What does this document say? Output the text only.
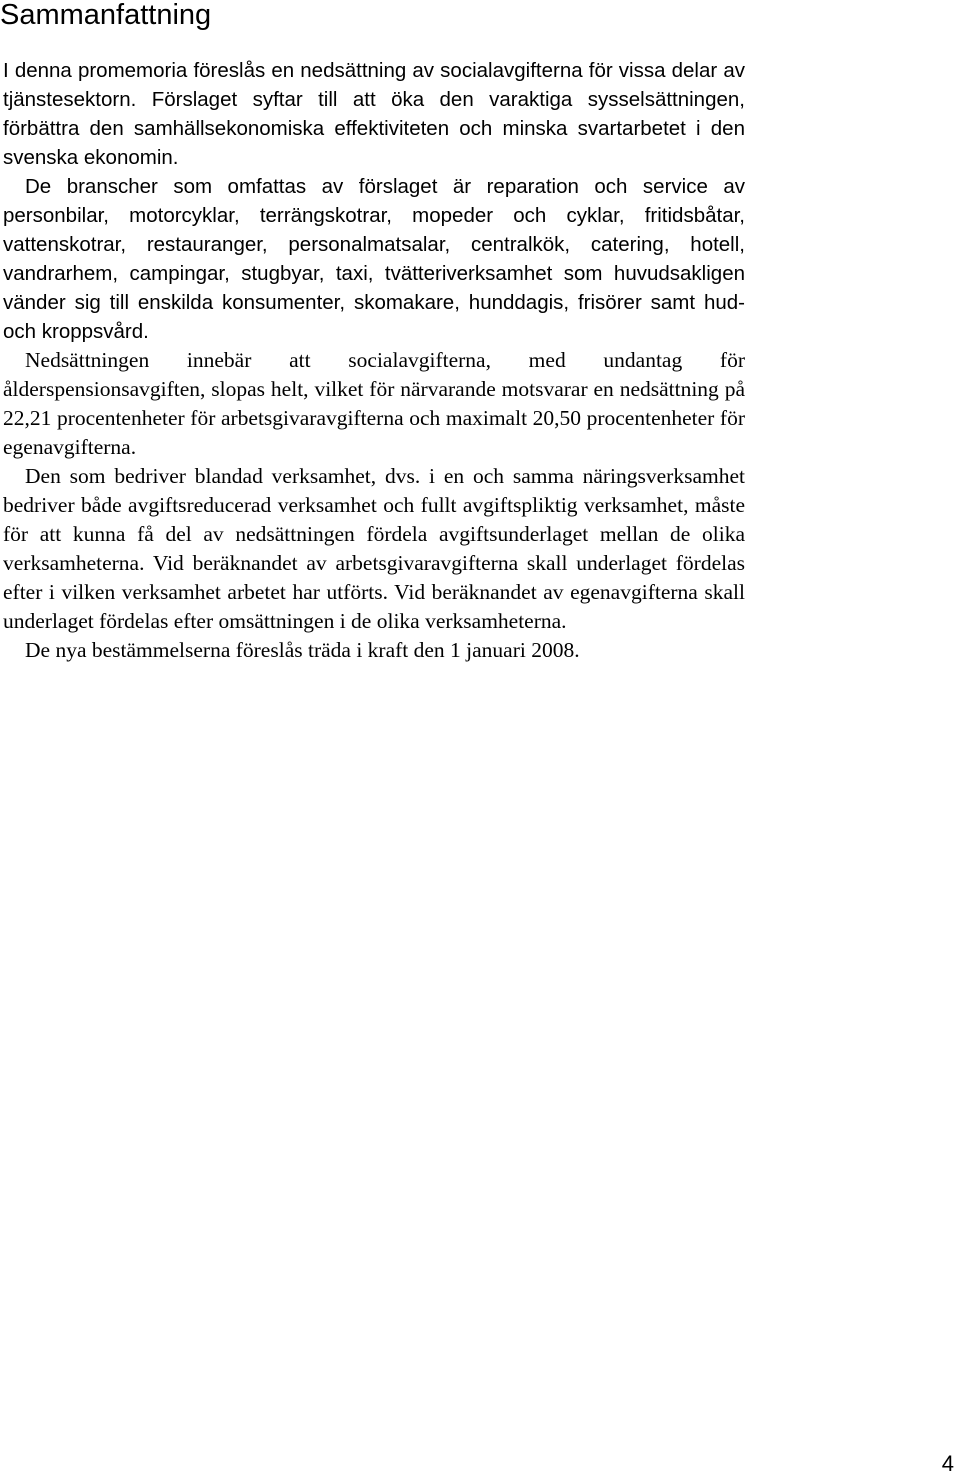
Sammanfattning

I denna promemoria föreslås en nedsättning av socialavgifterna för vissa delar av tjänstesektorn. Förslaget syftar till att öka den varaktiga sysselsättningen, förbättra den samhällsekonomiska effektiviteten och minska svartarbetet i den svenska ekonomin.

De branscher som omfattas av förslaget är reparation och service av personbilar, motorcyklar, terrängskotrar, mopeder och cyklar, fritidsbåtar, vattenskotrar, restauranger, personalmatsalar, centralkök, catering, hotell, vandrarhem, campingar, stugbyar, taxi, tvätteriverksamhet som huvudsakligen vänder sig till enskilda konsumenter, skomakare, hunddagis, frisörer samt hud- och kroppsvård.

Nedsättningen innebär att socialavgifterna, med undantag för ålderspensionsavgiften, slopas helt, vilket för närvarande motsvarar en nedsättning på 22,21 procentenheter för arbetsgivaravgifterna och maximalt 20,50 procentenheter för egenavgifterna.

Den som bedriver blandad verksamhet, dvs. i en och samma näringsverksamhet bedriver både avgiftsreducerad verksamhet och fullt avgiftspliktig verksamhet, måste för att kunna få del av nedsättningen fördela avgiftsunderlaget mellan de olika verksamheterna. Vid beräknandet av arbetsgivaravgifterna skall underlaget fördelas efter i vilken verksamhet arbetet har utförts. Vid beräknandet av egenavgifterna skall underlaget fördelas efter omsättningen i de olika verksamheterna.

De nya bestämmelserna föreslås träda i kraft den 1 januari 2008.

4
